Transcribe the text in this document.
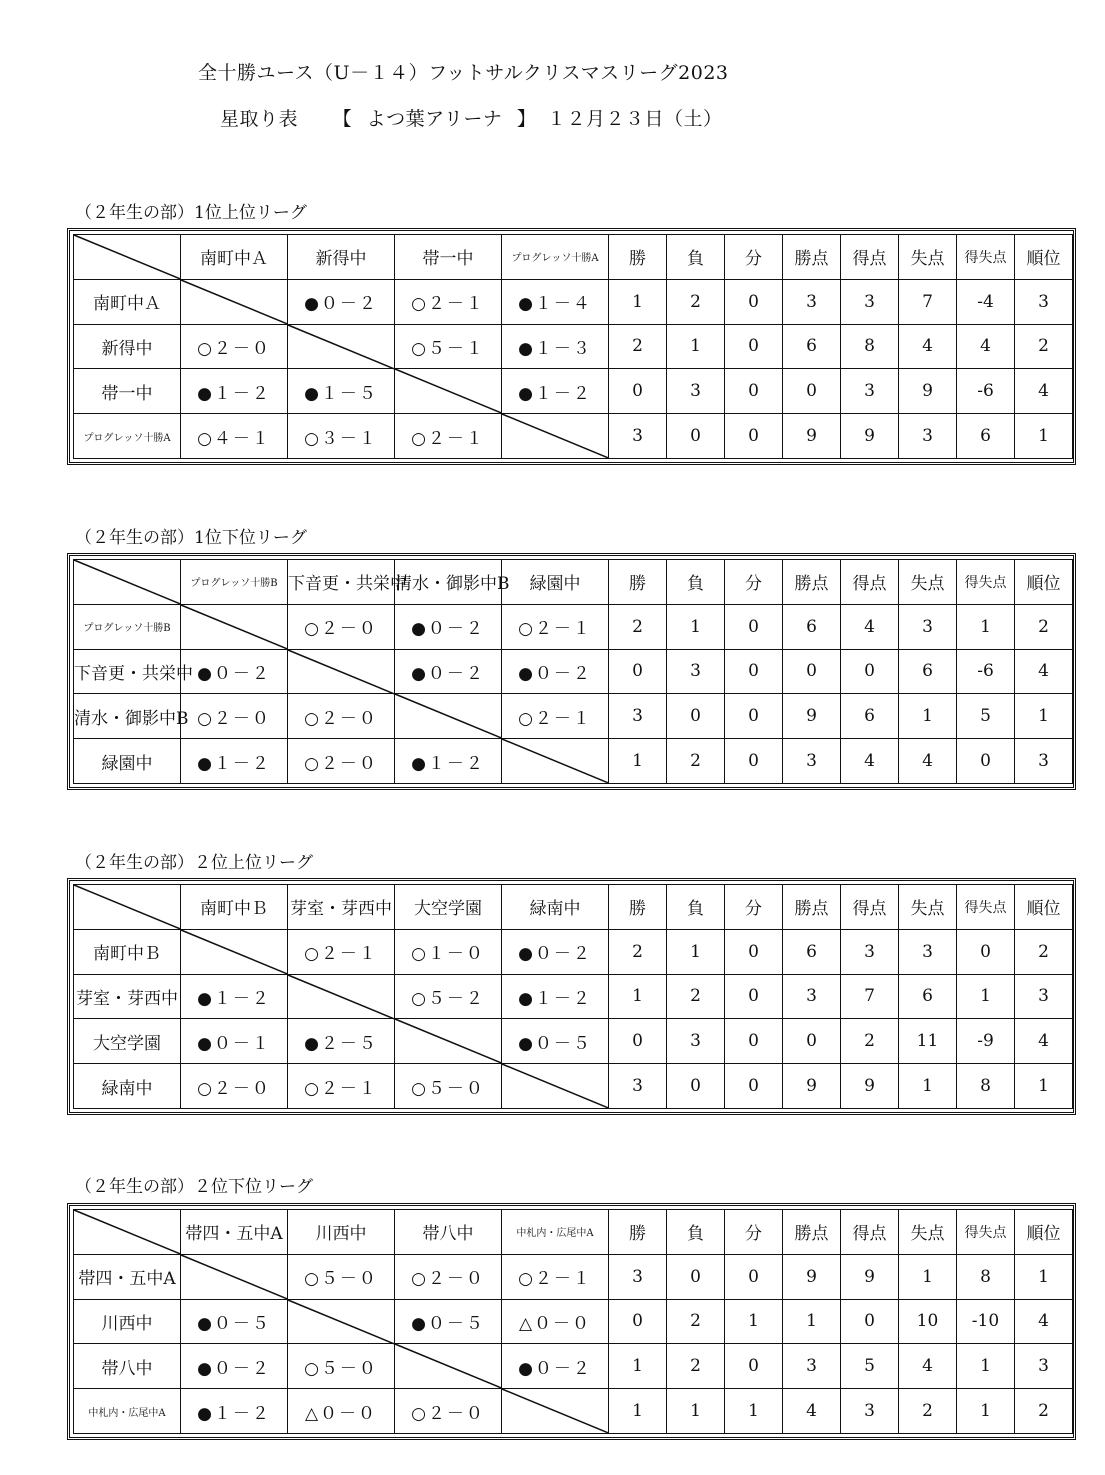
全十勝ユース（U－１４）フットサルクリスマスリーグ2023
星取り表 【 よつ葉アリーナ 】 １２月２３日（土）
（２年生の部）1位上位リーグ
	南町中Ａ	新得中	帯一中	プログレッソ十勝A	勝	負	分	勝点	得点	失点	得失点	順位
南町中Ａ		●０－２	○２－１	●１－４	1	2	0	3	3	7	-4	3
新得中	○２－０		○５－１	●１－３	2	1	0	6	8	4	4	2
帯一中	●１－２	●１－５		●１－２	0	3	0	0	3	9	-6	4
プログレッソ十勝A	○４－１	○３－１	○２－１		3	0	0	9	9	3	6	1
（２年生の部）1位下位リーグ
	プログレッソ十勝B	下音更・共栄中	清水・御影中B	緑園中	勝	負	分	勝点	得点	失点	得失点	順位
プログレッソ十勝B		○２－０	●０－２	○２－１	2	1	0	6	4	3	1	2
下音更・共栄中	●０－２		●０－２	●０－２	0	3	0	0	0	6	-6	4
清水・御影中B	○２－０	○２－０		○２－１	3	0	0	9	6	1	5	1
緑園中	●１－２	○２－０	●１－２		1	2	0	3	4	4	0	3
（２年生の部）２位上位リーグ
	南町中Ｂ	芽室・芽西中	大空学園	緑南中	勝	負	分	勝点	得点	失点	得失点	順位
南町中Ｂ		○２－１	○１－０	●０－２	2	1	0	6	3	3	0	2
芽室・芽西中	●１－２		○５－２	●１－２	1	2	0	3	7	6	1	3
大空学園	●０－１	●２－５		●０－５	0	3	0	0	2	11	-9	4
緑南中	○２－０	○２－１	○５－０		3	0	0	9	9	1	8	1
（２年生の部）２位下位リーグ
	帯四・五中A	川西中	帯八中	中札内・広尾中A	勝	負	分	勝点	得点	失点	得失点	順位
帯四・五中A		○５－０	○２－０	○２－１	3	0	0	9	9	1	8	1
川西中	●０－５		●０－５	△０－０	0	2	1	1	0	10	-10	4
帯八中	●０－２	○５－０		●０－２	1	2	0	3	5	4	1	3
中札内・広尾中A	●１－２	△０－０	○２－０		1	1	1	4	3	2	1	2
